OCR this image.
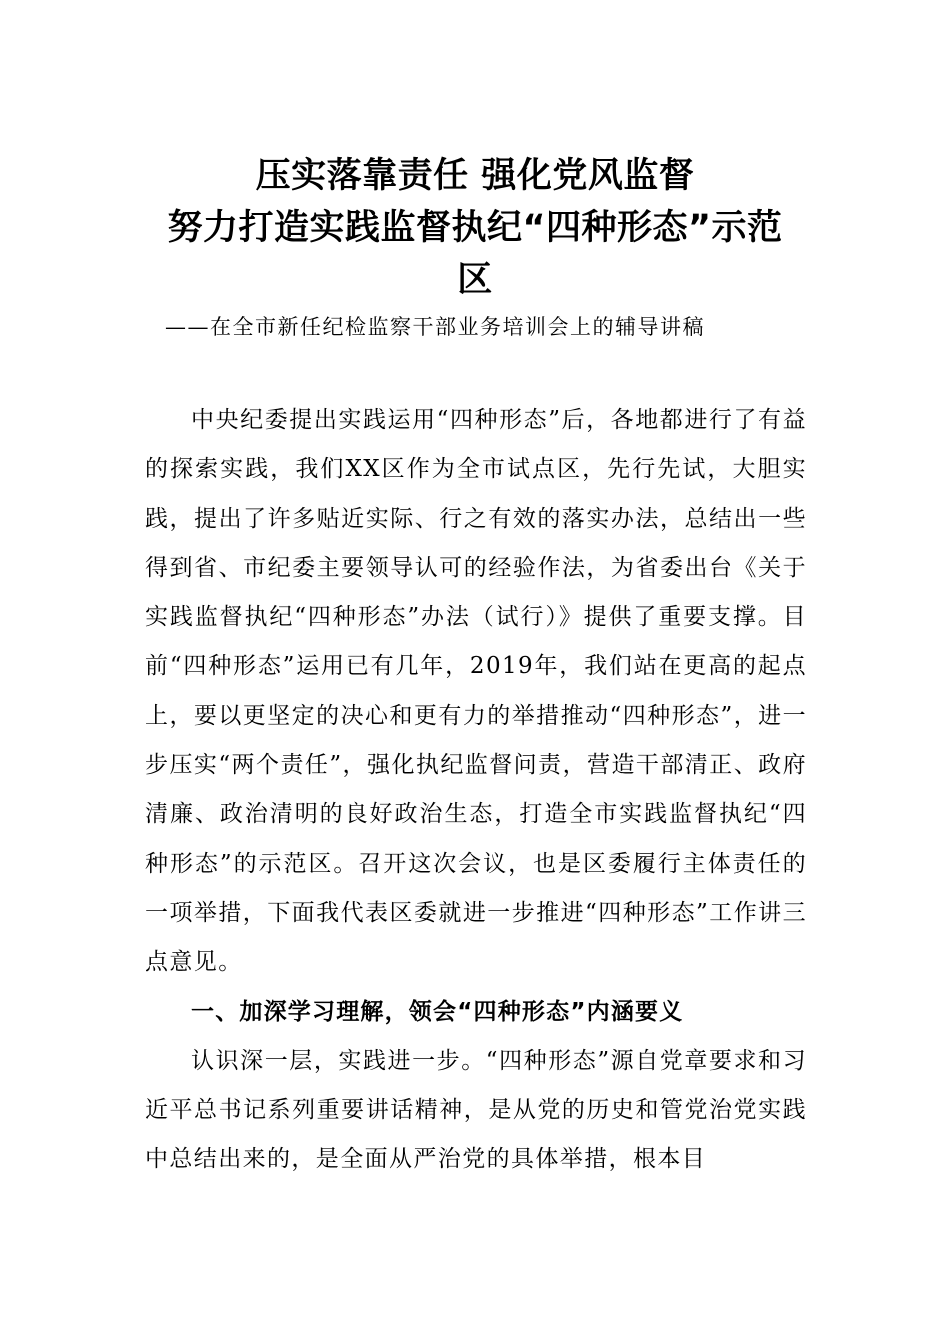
压实落靠责任 强化党风监督
努力打造实践监督执纪“四种形态”示范
区
——在全市新任纪检监察干部业务培训会上的辅导讲稿

中央纪委提出实践运用“四种形态”后，各地都进行了有益的探索实践，我们XX区作为全市试点区，先行先试，大胆实践，提出了许多贴近实际、行之有效的落实办法，总结出一些得到省、市纪委主要领导认可的经验作法，为省委出台《关于实践监督执纪“四种形态”办法（试行）》提供了重要支撑。目前“四种形态”运用已有几年，2019年，我们站在更高的起点上，要以更坚定的决心和更有力的举措推动“四种形态”，进一步压实“两个责任”，强化执纪监督问责，营造干部清正、政府清廉、政治清明的良好政治生态，打造全市实践监督执纪“四种形态”的示范区。召开这次会议，也是区委履行主体责任的一项举措，下面我代表区委就进一步推进“四种形态”工作讲三点意见。

一、加深学习理解，领会“四种形态”内涵要义

认识深一层，实践进一步。“四种形态”源自党章要求和习近平总书记系列重要讲话精神，是从党的历史和管党治党实践中总结出来的，是全面从严治党的具体举措，根本目
